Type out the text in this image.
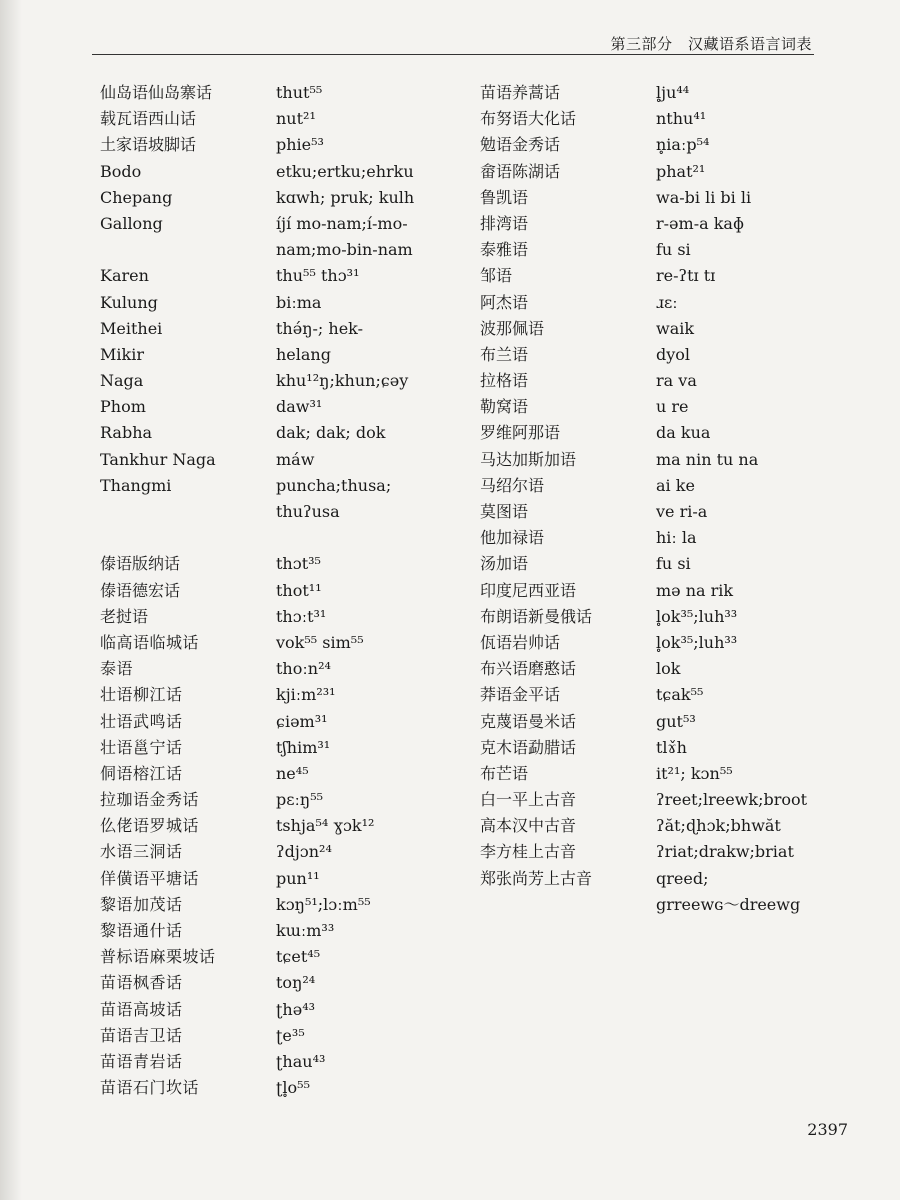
第三部分　汉藏语系语言词表
仙岛语仙岛寨话
载瓦语西山话
土家语坡脚话
Bodo
Chepang
Gallong
Karen
Kulung
Meithei
Mikir
Naga
Phom
Rabha
Tankhur Naga
Thangmi
傣语版纳话
傣语德宏话
老挝语
临高语临城话
泰语
壮语柳江话
壮语武鸣话
壮语邕宁话
侗语榕江话
拉珈语金秀话
仫佬语罗城话
水语三洞话
佯僙语平塘话
黎语加茂话
黎语通什话
普标语麻栗坡话
苗语枫香话
苗语高坡话
苗语吉卫话
苗语青岩话
苗语石门坎话
thut⁵⁵
nut²¹
phie⁵³
etku;ertku;ehrku
kɑwh; pruk; kulh
íjí mo-nam;í-mo-
nam;mo-bin-nam
thu⁵⁵ thɔ³¹
biːma
thə́ŋ-; hek-
helang
khu¹²ŋ;khun;ɕəy
daw³¹
dak; dak; dok
máw
puncha;thusa;
thuʔusa
thɔt³⁵
thot¹¹
thɔːt³¹
vok⁵⁵ sim⁵⁵
thoːn²⁴
kjiːm²³¹
ɕiəm³¹
tʃhim³¹
ne⁴⁵
pɛːŋ⁵⁵
tshja⁵⁴ ɣɔk¹²
ʔdjɔn²⁴
pun¹¹
kɔŋ⁵¹;lɔːm⁵⁵
kɯːm³³
tɕet⁴⁵
toŋ²⁴
ʈhə⁴³
ʈe³⁵
ʈhau⁴³
ʈl̥o⁵⁵
苗语养蒿话
布努语大化话
勉语金秀话
畲语陈湖话
鲁凯语
排湾语
泰雅语
邹语
阿杰语
波那佩语
布兰语
拉格语
勒窝语
罗维阿那语
马达加斯加语
马绍尔语
莫图语
他加禄语
汤加语
印度尼西亚语
布朗语新曼俄话
佤语岩帅话
布兴语磨憨话
莽语金平话
克蔑语曼米话
克木语勐腊话
布芒语
白一平上古音
高本汉中古音
李方桂上古音
郑张尚芳上古音
l̥ju⁴⁴
nthu⁴¹
n̥iaːp⁵⁴
phat²¹
wa-bi li bi li
r-əm-a kaɸ
fu si
re-ʔtɪ tɪ
ɹɛː
waik
dyol
ra va
u re
da kua
ma nin tu na
ai ke
ve ri-a
hiː la
fu si
mə na rik
l̥ok³⁵;luh³³
l̥ok³⁵;luh³³
lok
tɕak⁵⁵
gut⁵³
tlɤ̌h
it²¹; kɔn⁵⁵
ʔreet;lreewk;broot
ʔăt;ɖhɔk;bhwăt
ʔriat;drakw;briat
qreed;
grreewɢ～dreewg
2397
